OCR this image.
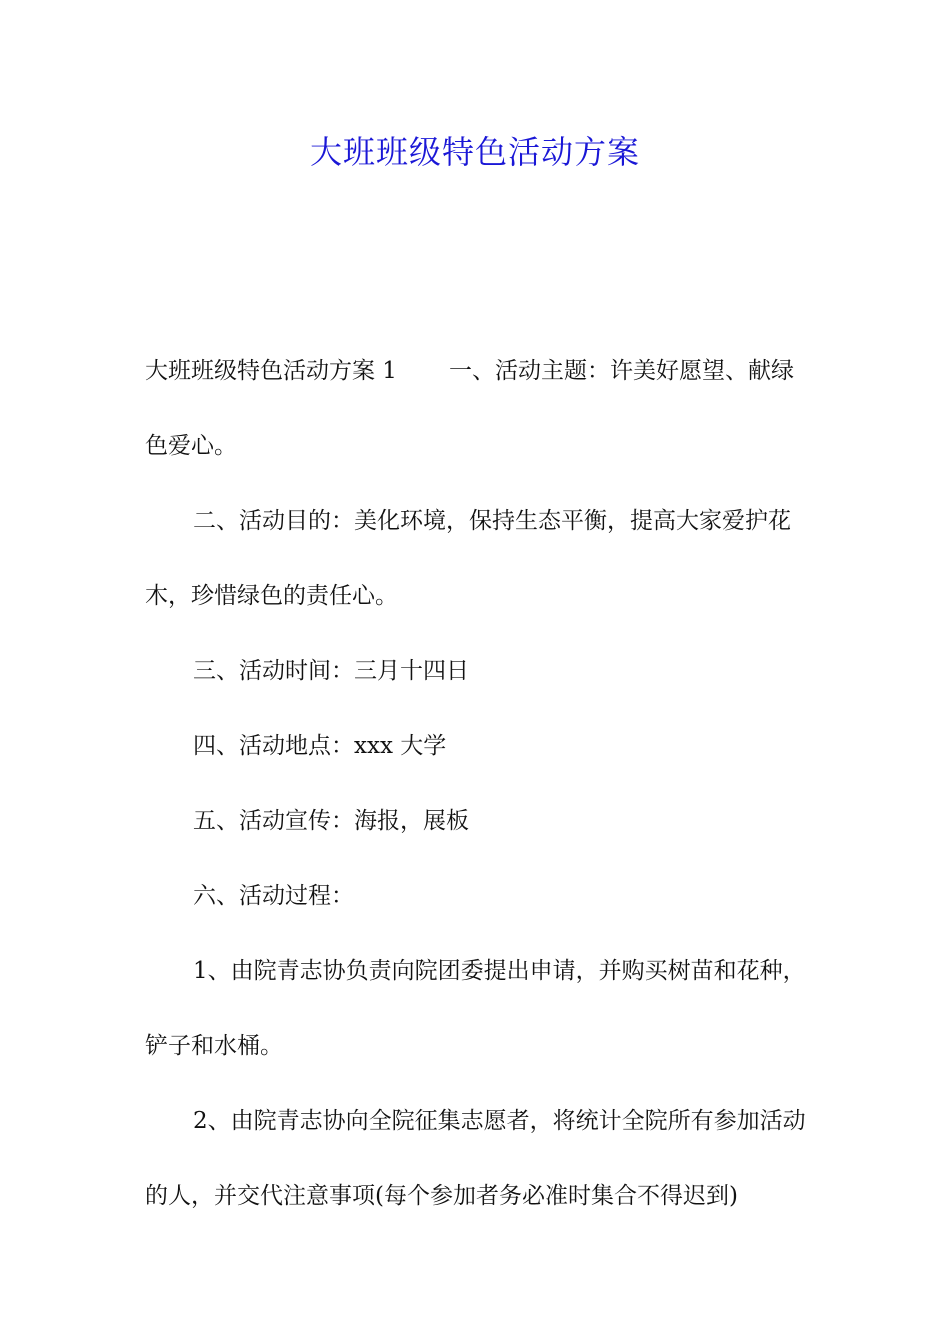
大班班级特色活动方案

大班班级特色活动方案 1 一、活动主题：许美好愿望、献绿色爱心。

二、活动目的：美化环境，保持生态平衡，提高大家爱护花木，珍惜绿色的责任心。

三、活动时间：三月十四日

四、活动地点：xxx 大学

五、活动宣传：海报，展板

六、活动过程：

1、由院青志协负责向院团委提出申请，并购买树苗和花种，铲子和水桶。

2、由院青志协向全院征集志愿者，将统计全院所有参加活动的人，并交代注意事项(每个参加者务必准时集合不得迟到)
